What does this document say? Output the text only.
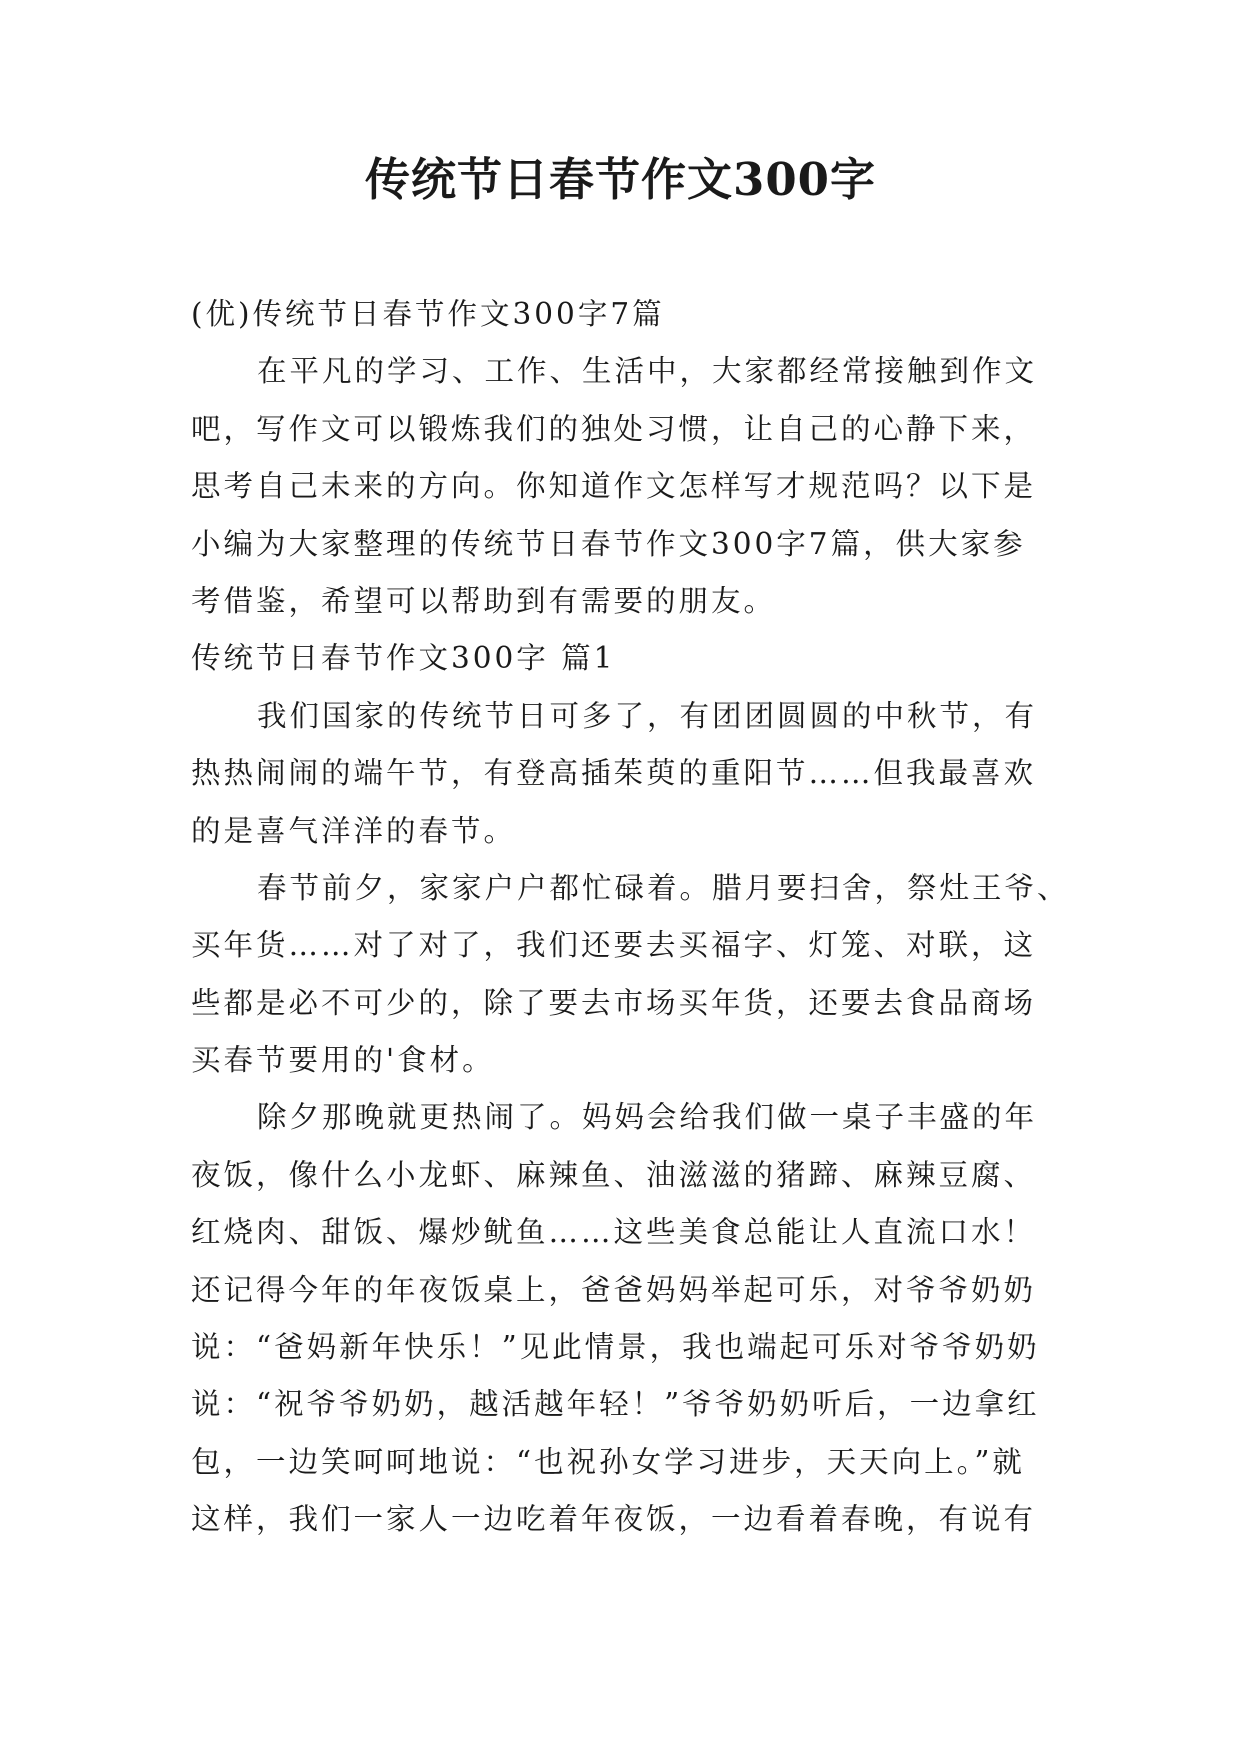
传统节日春节作文300字
(优)传统节日春节作文300字7篇
在平凡的学习、工作、生活中，大家都经常接触到作文
吧，写作文可以锻炼我们的独处习惯，让自己的心静下来，
思考自己未来的方向。你知道作文怎样写才规范吗？以下是
小编为大家整理的传统节日春节作文300字7篇，供大家参
考借鉴，希望可以帮助到有需要的朋友。
传统节日春节作文300字 篇1
我们国家的传统节日可多了，有团团圆圆的中秋节，有
热热闹闹的端午节，有登高插茱萸的重阳节……但我最喜欢
的是喜气洋洋的春节。
春节前夕，家家户户都忙碌着。腊月要扫舍，祭灶王爷、
买年货……对了对了，我们还要去买福字、灯笼、对联，这
些都是必不可少的，除了要去市场买年货，还要去食品商场
买春节要用的'食材。
除夕那晚就更热闹了。妈妈会给我们做一桌子丰盛的年
夜饭，像什么小龙虾、麻辣鱼、油滋滋的猪蹄、麻辣豆腐、
红烧肉、甜饭、爆炒鱿鱼……这些美食总能让人直流口水！
还记得今年的年夜饭桌上，爸爸妈妈举起可乐，对爷爷奶奶
说：“爸妈新年快乐！”见此情景，我也端起可乐对爷爷奶奶
说：“祝爷爷奶奶，越活越年轻！”爷爷奶奶听后，一边拿红
包，一边笑呵呵地说：“也祝孙女学习进步，天天向上。”就
这样，我们一家人一边吃着年夜饭，一边看着春晚，有说有
